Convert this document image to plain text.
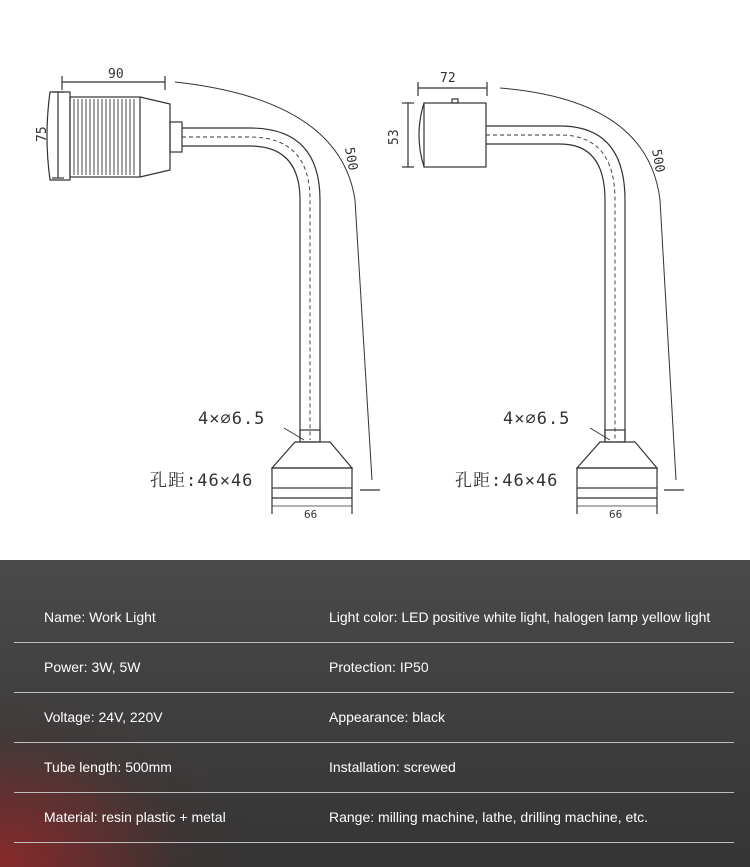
90
75
500
4×∅6.5
孔距:46×46
66
72
53
500
4×∅6.5
孔距:46×46
66
Name: Work Light	Light color: LED positive white light, halogen lamp yellow light
Power: 3W, 5W	Protection: IP50
Voltage: 24V, 220V	Appearance: black
Tube length: 500mm	Installation: screwed
Material: resin plastic + metal	Range: milling machine, lathe, drilling machine, etc.
